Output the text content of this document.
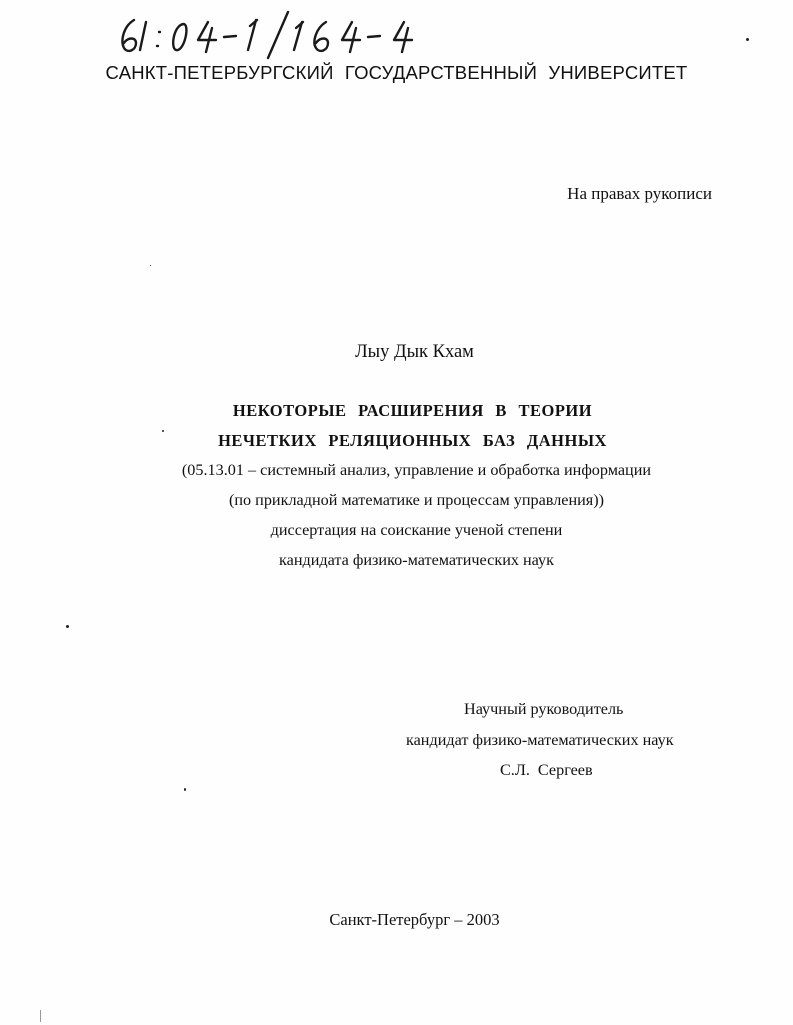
САНКТ-ПЕТЕРБУРГСКИЙ ГОСУДАРСТВЕННЫЙ УНИВЕРСИТЕТ
На правах рукописи
Лыу Дык Кхам
НЕКОТОРЫЕ РАСШИРЕНИЯ В ТЕОРИИ
НЕЧЕТКИХ РЕЛЯЦИОННЫХ БАЗ ДАННЫХ
(05.13.01 – системный анализ, управление и обработка информации
(по прикладной математике и процессам управления))
диссертация на соискание ученой степени
кандидата физико-математических наук
Научный руководитель
кандидат физико-математических наук
С.Л. Сергеев
Санкт-Петербург – 2003
